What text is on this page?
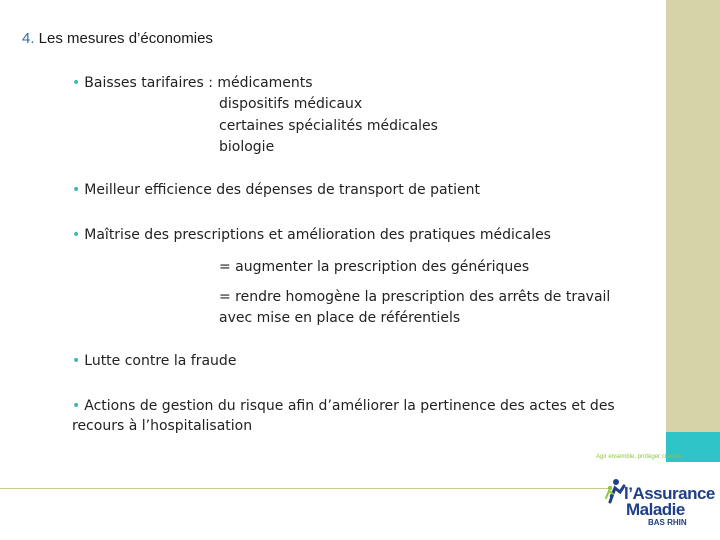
4. Les mesures d’économies
• Baisses tarifaires : médicaments
dispositifs médicaux
certaines spécialités médicales
biologie
• Meilleur efficience des dépenses de transport de patient
• Maîtrise des prescriptions et amélioration des pratiques médicales
= augmenter la prescription des génériques
= rendre homogène la prescription des arrêts de travail
avec mise en place de référentiels
• Lutte contre la fraude
• Actions de gestion du risque afin d’améliorer la pertinence des actes et des recours à l’hospitalisation
Agir ensemble, protéger chacun
l’Assurance
Maladie
BAS RHIN
